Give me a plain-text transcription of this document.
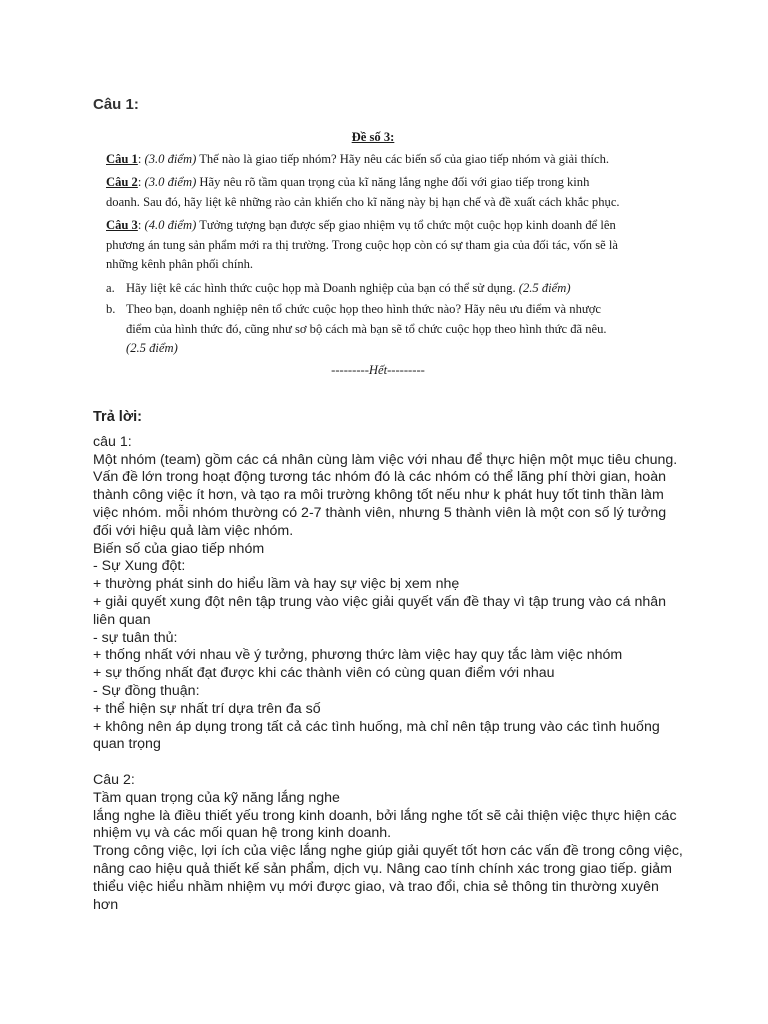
Câu 1:
Đề số 3:

Câu 1: (3.0 điểm) Thế nào là giao tiếp nhóm? Hãy nêu các biến số của giao tiếp nhóm và giải thích.

Câu 2: (3.0 điểm) Hãy nêu rõ tầm quan trọng của kĩ năng lắng nghe đối với giao tiếp trong kinh doanh. Sau đó, hãy liệt kê những rào cản khiến cho kĩ năng này bị hạn chế và đề xuất cách khắc phục.

Câu 3: (4.0 điểm) Tưởng tượng bạn được sếp giao nhiệm vụ tổ chức một cuộc họp kinh doanh để lên phương án tung sản phẩm mới ra thị trường. Trong cuộc họp còn có sự tham gia của đối tác, vốn sẽ là những kênh phân phối chính.

a. Hãy liệt kê các hình thức cuộc họp mà Doanh nghiệp của bạn có thể sử dụng. (2.5 điểm)
b. Theo bạn, doanh nghiệp nên tổ chức cuộc họp theo hình thức nào? Hãy nêu ưu điểm và nhược điểm của hình thức đó, cũng như sơ bộ cách mà bạn sẽ tổ chức cuộc họp theo hình thức đã nêu. (2.5 điểm)
---------Hết---------
Trả lời:

câu 1:

Một nhóm (team) gồm các cá nhân cùng làm việc với nhau để thực hiện một mục tiêu chung. Vấn đề lớn trong hoạt động tương tác nhóm đó là các nhóm có thể lãng phí thời gian, hoàn thành công việc ít hơn, và tạo ra môi trường không tốt nếu như k phát huy tốt tinh thần làm việc nhóm. mỗi nhóm thường có 2-7 thành viên, nhưng 5 thành viên là một con số lý tưởng đối với hiệu quả làm việc nhóm.

Biến số của giao tiếp nhóm

- Sự Xung đột:

+ thường phát sinh do hiểu lầm và hay sự việc bị xem nhẹ

+ giải quyết xung đột nên tập trung vào việc giải quyết vấn đề thay vì tập trung vào cá nhân liên quan

- sự tuân thủ:

+ thống nhất với nhau về ý tưởng, phương thức làm việc hay quy tắc làm việc nhóm

+ sự thống nhất đạt được khi các thành viên có cùng quan điểm với nhau

- Sự đồng thuận:

+ thể hiện sự nhất trí dựa trên đa số

+ không nên áp dụng trong tất cả các tình huống, mà chỉ nên tập trung vào các tình huống quan trọng

Câu 2:

Tầm quan trọng của kỹ năng lắng nghe

lắng nghe là điều thiết yếu trong kinh doanh, bởi lắng nghe tốt sẽ cải thiện việc thực hiện các nhiệm vụ và các mối quan hệ trong kinh doanh.

Trong công việc, lợi ích của việc lắng nghe giúp giải quyết tốt hơn các vấn đề trong công việc, nâng cao hiệu quả thiết kế sản phẩm, dịch vụ. Nâng cao tính chính xác trong giao tiếp. giảm thiểu việc hiểu nhầm nhiệm vụ mới được giao, và trao đổi, chia sẻ thông tin thường xuyên hơn
